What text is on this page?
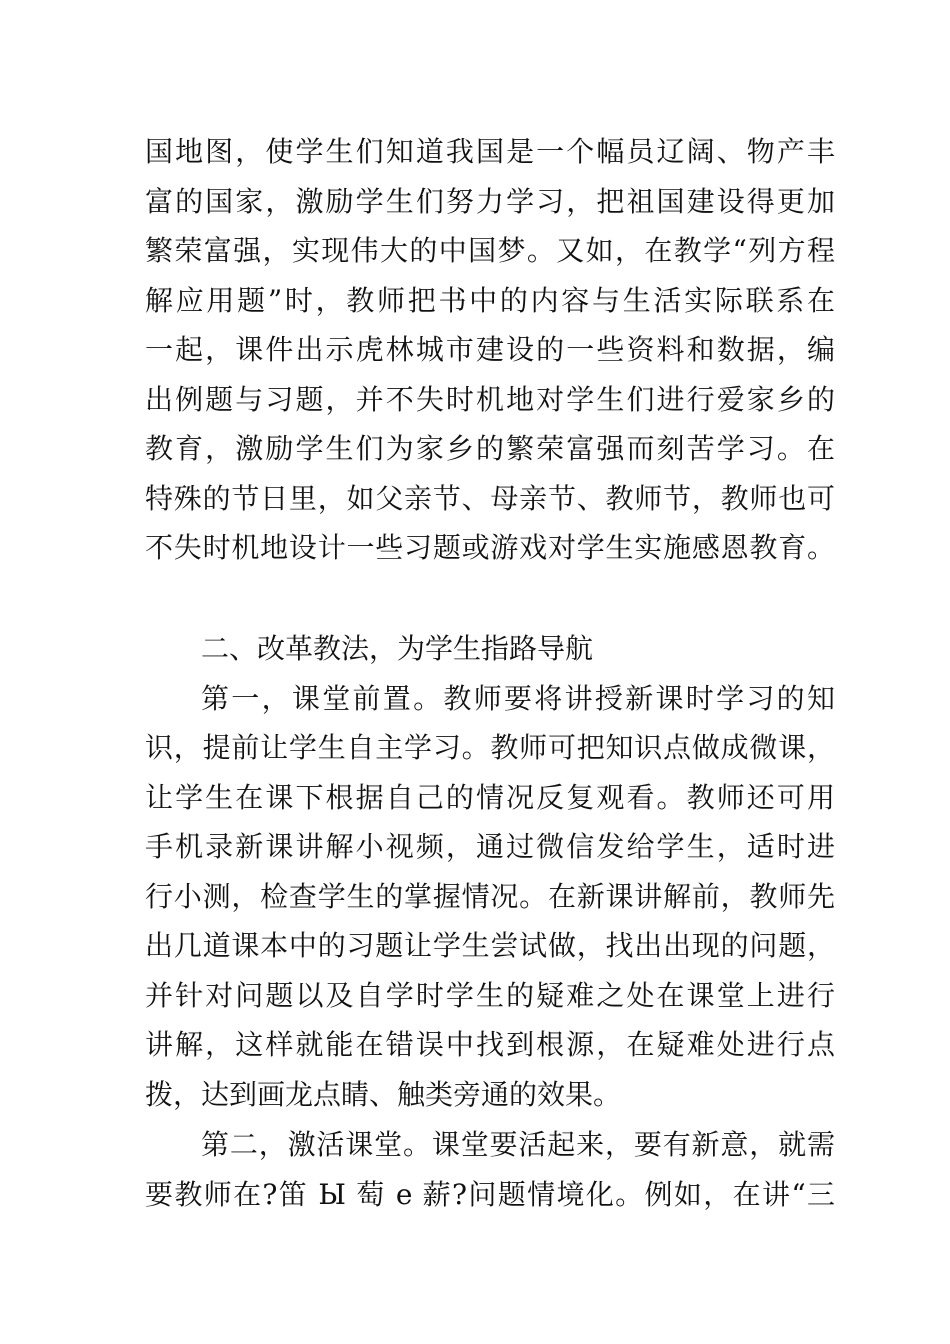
国地图，使学生们知道我国是一个幅员辽阔、物产丰
富的国家，激励学生们努力学习，把祖国建设得更加
繁荣富强，实现伟大的中国梦。又如，在教学“列方程
解应用题”时，教师把书中的内容与生活实际联系在
一起，课件出示虎林城市建设的一些资料和数据，编
出例题与习题，并不失时机地对学生们进行爱家乡的
教育，激励学生们为家乡的繁荣富强而刻苦学习。在
特殊的节日里，如父亲节、母亲节、教师节，教师也可
不失时机地设计一些习题或游戏对学生实施感恩教育。
二、改革教法，为学生指路导航
第一，课堂前置。教师要将讲授新课时学习的知
识，提前让学生自主学习。教师可把知识点做成微课，
让学生在课下根据自己的情况反复观看。教师还可用
手机录新课讲解小视频，通过微信发给学生，适时进
行小测，检查学生的掌握情况。在新课讲解前，教师先
出几道课本中的习题让学生尝试做，找出出现的问题，
并针对问题以及自学时学生的疑难之处在课堂上进行
讲解，这样就能在错误中找到根源，在疑难处进行点
拨，达到画龙点睛、触类旁通的效果。
第二，激活课堂。课堂要活起来，要有新意，就需
要教师在?笛 Ы 萄 e 薪?问题情境化。例如，在讲“三
